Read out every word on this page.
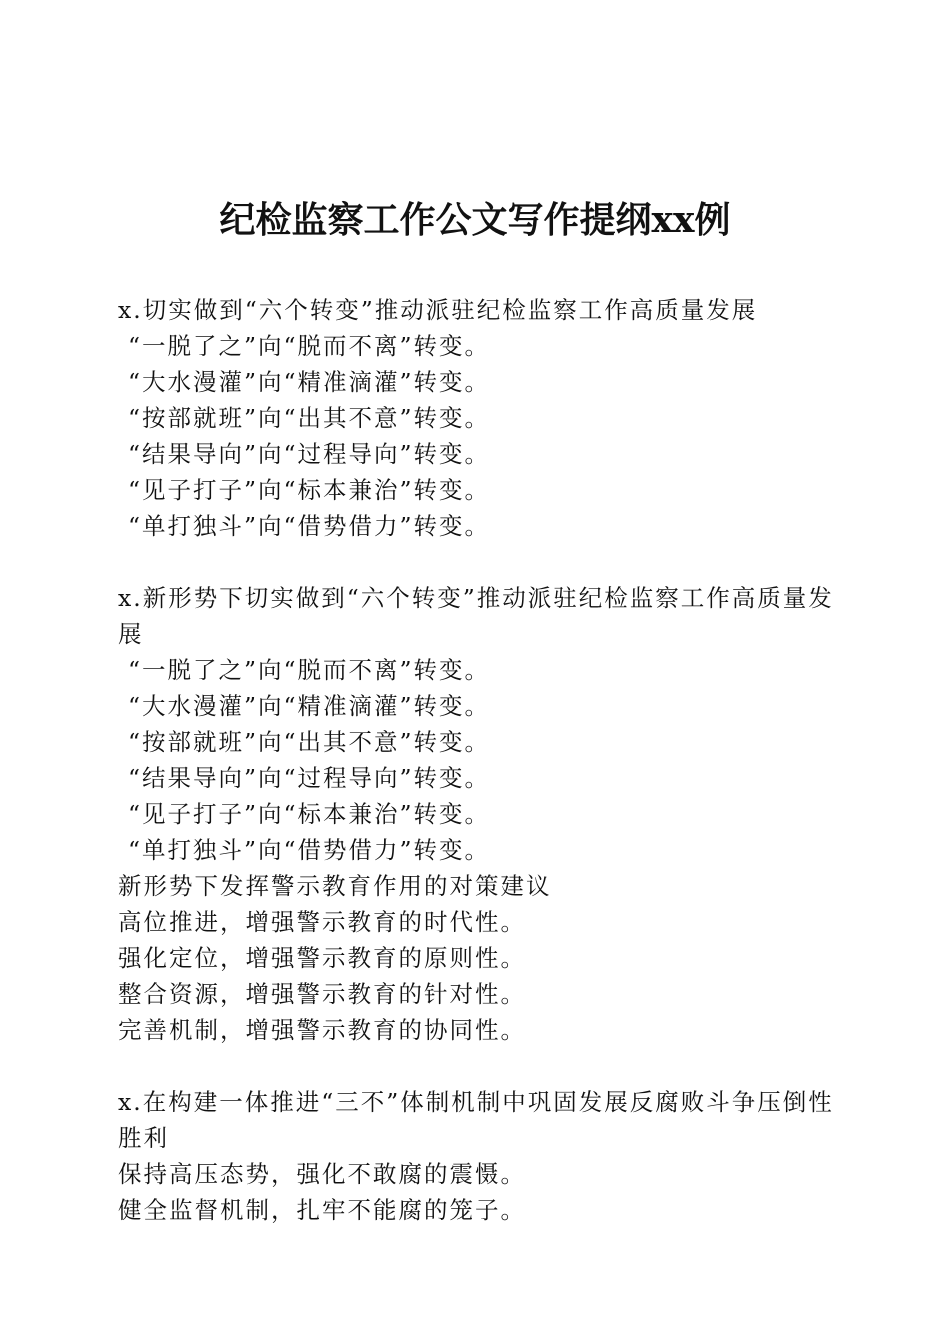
纪检监察工作公文写作提纲xx例

x.切实做到“六个转变”推动派驻纪检监察工作高质量发展

“一脱了之”向“脱而不离”转变。

“大水漫灌”向“精准滴灌”转变。

“按部就班”向“出其不意”转变。

“结果导向”向“过程导向”转变。

“见子打子”向“标本兼治”转变。

“单打独斗”向“借势借力”转变。

x.新形势下切实做到“六个转变”推动派驻纪检监察工作高质量发展

“一脱了之”向“脱而不离”转变。

“大水漫灌”向“精准滴灌”转变。

“按部就班”向“出其不意”转变。

“结果导向”向“过程导向”转变。

“见子打子”向“标本兼治”转变。

“单打独斗”向“借势借力”转变。

新形势下发挥警示教育作用的对策建议

高位推进，增强警示教育的时代性。

强化定位，增强警示教育的原则性。

整合资源，增强警示教育的针对性。

完善机制，增强警示教育的协同性。

x.在构建一体推进“三不”体制机制中巩固发展反腐败斗争压倒性胜利

保持高压态势，强化不敢腐的震慑。

健全监督机制，扎牢不能腐的笼子。
